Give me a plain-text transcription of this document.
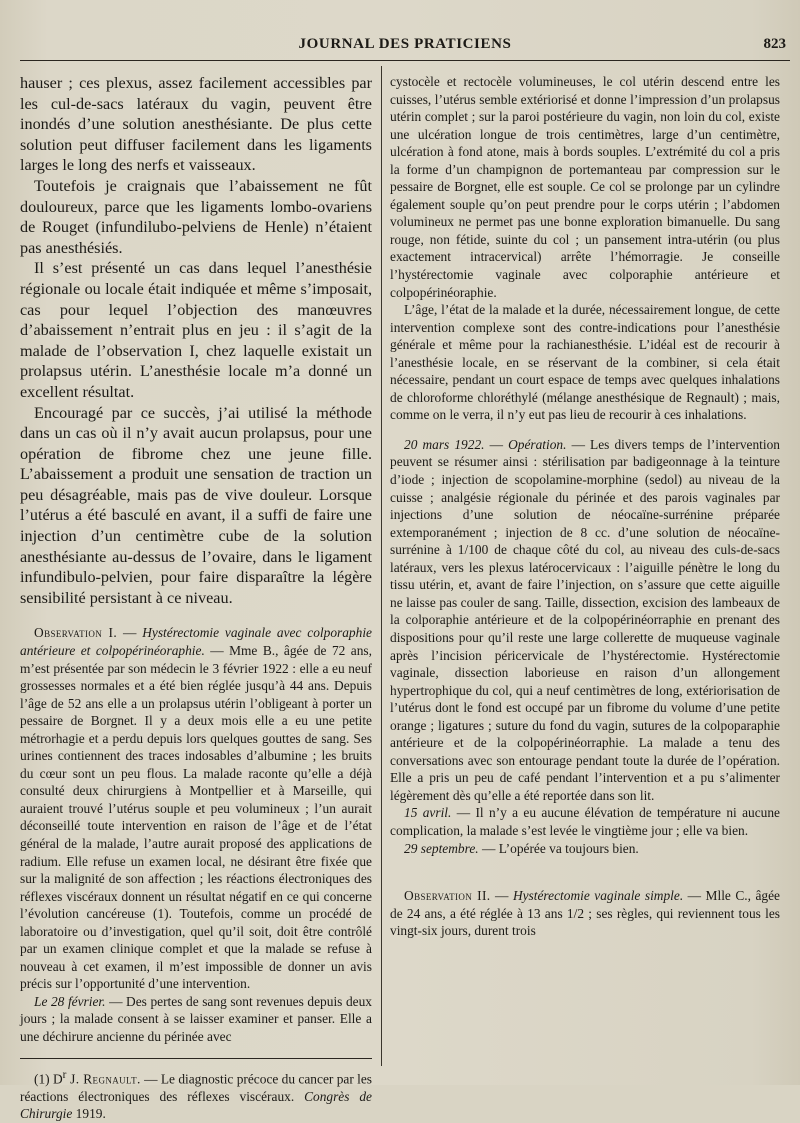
JOURNAL DES PRATICIENS	823

hauser ; ces plexus, assez facilement accessibles par les cul-de-sacs latéraux du vagin, peuvent être inondés d’une solution anesthésiante. De plus cette solution peut diffuser facilement dans les ligaments larges le long des nerfs et vaisseaux.

Toutefois je craignais que l’abaissement ne fût douloureux, parce que les ligaments lombo-ovariens de Rouget (infundilubo-pelviens de Henle) n’étaient pas anesthésiés.

Il s’est présenté un cas dans lequel l’anesthésie régionale ou locale était indiquée et même s’imposait, cas pour lequel l’objection des manœuvres d’abaissement n’entrait plus en jeu : il s’agit de la malade de l’observation I, chez laquelle existait un prolapsus utérin. L’anesthésie locale m’a donné un excellent résultat.

Encouragé par ce succès, j’ai utilisé la méthode dans un cas où il n’y avait aucun prolapsus, pour une opération de fibrome chez une jeune fille. L’abaissement a produit une sensation de traction un peu désagréable, mais pas de vive douleur. Lorsque l’utérus a été basculé en avant, il a suffi de faire une injection d’un centimètre cube de la solution anesthésiante au-dessus de l’ovaire, dans le ligament infundibulo-pelvien, pour faire disparaître la légère sensibilité persistant à ce niveau.

Observation I. — Hystérectomie vaginale avec colporaphie antérieure et colpopérinéoraphie. — Mme B., âgée de 72 ans, m’est présentée par son médecin le 3 février 1922 : elle a eu neuf grossesses normales et a été bien réglée jusqu’à 44 ans. Depuis l’âge de 52 ans elle a un prolapsus utérin l’obligeant à porter un pessaire de Borgnet. Il y a deux mois elle a eu une petite métrorhagie et a perdu depuis lors quelques gouttes de sang. Ses urines contiennent des traces indosables d’albumine ; les bruits du cœur sont un peu flous. La malade raconte qu’elle a déjà consulté deux chirurgiens à Montpellier et à Marseille, qui auraient trouvé l’utérus souple et peu volumineux ; l’un aurait déconseillé toute intervention en raison de l’âge et de l’état général de la malade, l’autre aurait proposé des applications de radium. Elle refuse un examen local, ne désirant être fixée que sur la malignité de son affection ; les réactions électroniques des réflexes viscéraux donnent un résultat négatif en ce qui concerne l’évolution cancéreuse (1). Toutefois, comme un procédé de laboratoire ou d’investigation, quel qu’il soit, doit être contrôlé par un examen clinique complet et que la malade se refuse à nouveau à cet examen, il m’est impossible de donner un avis précis sur l’opportunité d’une intervention.

Le 28 février. — Des pertes de sang sont revenues depuis deux jours ; la malade consent à se laisser examiner et panser. Elle a une déchirure ancienne du périnée avec

(1) $D^r$ J. Regnault. — Le diagnostic précoce du cancer par les réactions électroniques des réflexes viscéraux. Congrès de Chirurgie 1919.

cystocèle et rectocèle volumineuses, le col utérin descend entre les cuisses, l’utérus semble extériorisé et donne l’impression d’un prolapsus utérin complet ; sur la paroi postérieure du vagin, non loin du col, existe une ulcération longue de trois centimètres, large d’un centimètre, ulcération à fond atone, mais à bords souples. L’extrémité du col a pris la forme d’un champignon de portemanteau par compression sur le pessaire de Borgnet, elle est souple. Ce col se prolonge par un cylindre également souple qu’on peut prendre pour le corps utérin ; l’abdomen volumineux ne permet pas une bonne exploration bimanuelle. Du sang rouge, non fétide, suinte du col ; un pansement intra-utérin (ou plus exactement intracervical) arrête l’hémorragie. Je conseille l’hystérectomie vaginale avec colporaphie antérieure et colpopérinéoraphie.

L’âge, l’état de la malade et la durée, nécessairement longue, de cette intervention complexe sont des contre-indications pour l’anesthésie générale et même pour la rachianesthésie. L’idéal est de recourir à l’anesthésie locale, en se réservant de la combiner, si cela était nécessaire, pendant un court espace de temps avec quelques inhalations de chloroforme chloréthylé (mélange anesthésique de Regnault) ; mais, comme on le verra, il n’y eut pas lieu de recourir à ces inhalations.

20 mars 1922. — Opération. — Les divers temps de l’intervention peuvent se résumer ainsi : stérilisation par badigeonnage à la teinture d’iode ; injection de scopolamine-morphine (sedol) au niveau de la cuisse ; analgésie régionale du périnée et des parois vaginales par injections d’une solution de néocaïne-surrénine préparée extemporanément ; injection de 8 cc. d’une solution de néocaïne-surrénine à 1/100 de chaque côté du col, au niveau des culs-de-sacs latéraux, vers les plexus latérocervicaux : l’aiguille pénètre le long du tissu utérin, et, avant de faire l’injection, on s’assure que cette aiguille ne laisse pas couler de sang. Taille, dissection, excision des lambeaux de la colporaphie antérieure et de la colpopérinéorraphie en prenant des dispositions pour qu’il reste une large collerette de muqueuse vaginale après l’incision péricervicale de l’hystérectomie. Hystérectomie vaginale, dissection laborieuse en raison d’un allongement hypertrophique du col, qui a neuf centimètres de long, extériorisation de l’utérus dont le fond est occupé par un fibrome du volume d’une petite orange ; ligatures ; suture du fond du vagin, sutures de la colpoparaphie antérieure et de la colpopérinéorraphie. La malade a tenu des conversations avec son entourage pendant toute la durée de l’opération. Elle a pris un peu de café pendant l’intervention et a pu s’alimenter légèrement dès qu’elle a été reportée dans son lit.

15 avril. — Il n’y a eu aucune élévation de température ni aucune complication, la malade s’est levée le vingtième jour ; elle va bien.

29 septembre. — L’opérée va toujours bien.

Observation II. — Hystérectomie vaginale simple. — Mlle C., âgée de 24 ans, a été réglée à 13 ans 1/2 ; ses règles, qui reviennent tous les vingt-six jours, durent trois
